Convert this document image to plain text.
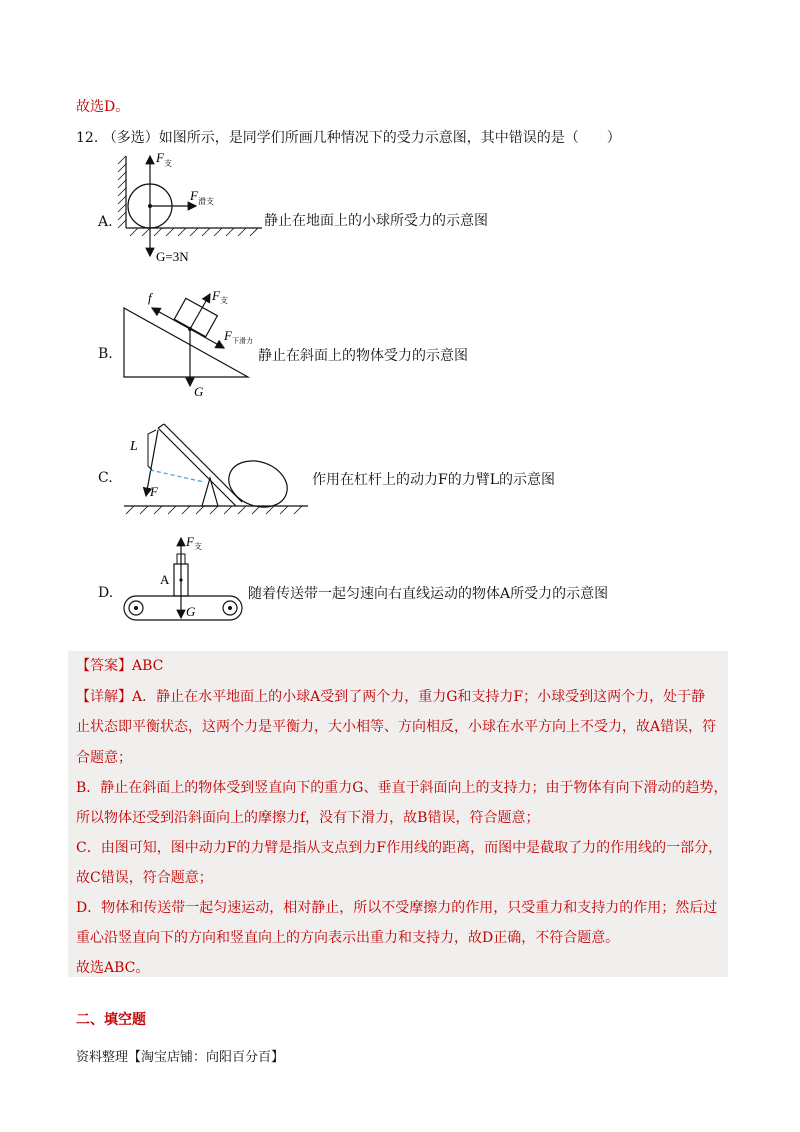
故选D。
12. （多选）如图所示，是同学们所画几种情况下的受力示意图，其中错误的是（　　）
A.
F 支
F 滑支
G=3N
静止在地面上的小球所受力的示意图
B.
f	F 支
F 下滑力
G
静止在斜面上的物体受力的示意图
C.
L
F
作用在杠杆上的动力F的力臂L的示意图
D.
A
F 支
G
随着传送带一起匀速向右直线运动的物体A所受力的示意图
【答案】ABC
【详解】A．静止在水平地面上的小球A受到了两个力，重力G和支持力F；小球受到这两个力，处于静
止状态即平衡状态，这两个力是平衡力，大小相等、方向相反，小球在水平方向上不受力，故A错误，符
合题意；
B．静止在斜面上的物体受到竖直向下的重力G、垂直于斜面向上的支持力；由于物体有向下滑动的趋势，
所以物体还受到沿斜面向上的摩擦力f，没有下滑力，故B错误，符合题意；
C．由图可知，图中动力F的力臂是指从支点到力F作用线的距离，而图中是截取了力的作用线的一部分，
故C错误，符合题意；
D．物体和传送带一起匀速运动，相对静止，所以不受摩擦力的作用，只受重力和支持力的作用；然后过
重心沿竖直向下的方向和竖直向上的方向表示出重力和支持力，故D正确，不符合题意。
故选ABC。
二、填空题
资料整理【淘宝店铺：向阳百分百】
